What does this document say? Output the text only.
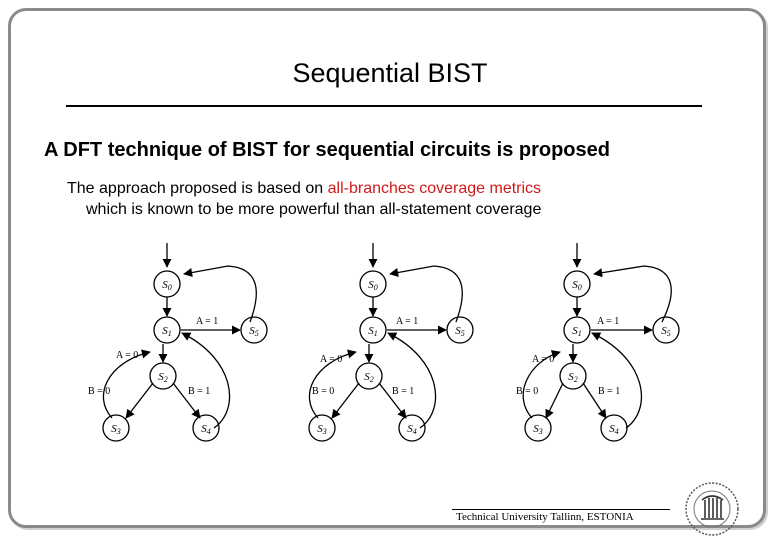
Sequential BIST
A DFT technique of BIST for sequential circuits is proposed
The approach proposed is based on all-branches coverage metrics
which is known to be more powerful than all-statement coverage
S0
S1
S2
S3	S4
S5
A = 1
A = 0
B = 0	B = 1
S0
S1
S2
S3	S4
S5
A = 1
A = 0
B = 0	B = 1
S0
S1
S2
S3	S4
S5
A = 1
A = 0
B = 0	B = 1
Technical University Tallinn, ESTONIA
